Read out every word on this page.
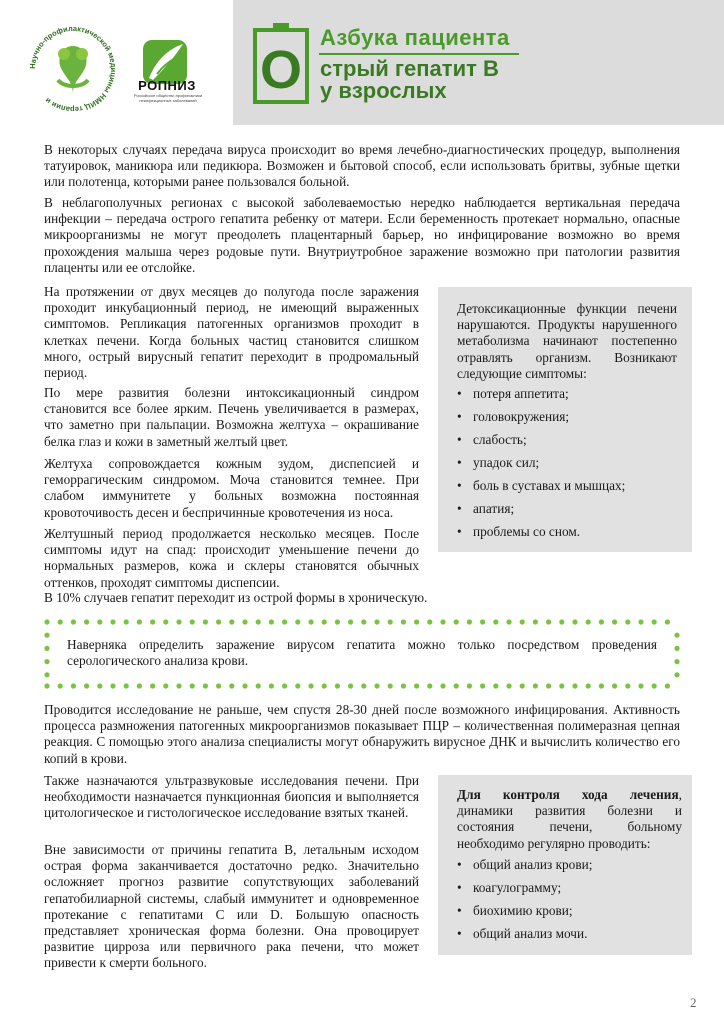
Научно-профилактической медицины НМИЦ терапии и
РОПНИЗ
Российское общество профилактики неинфекционных заболеваний
О
Азбука пациента
стрый гепатит В
у взрослых
В некоторых случаях передача вируса происходит во время лечебно-диагностических процедур, выполнения татуировок, маникюра или педикюра. Возможен и бытовой способ, если использовать бритвы, зубные щетки или полотенца, которыми ранее пользовался больной.
В неблагополучных регионах с высокой заболеваемостью нередко наблюдается вертикальная передача инфекции – передача острого гепатита ребенку от матери. Если беременность протекает нормально, опасные микроорганизмы не могут преодолеть плацентарный барьер, но инфицирование возможно во время прохождения малыша через родовые пути. Внутриутробное заражение возможно при патологии развития плаценты или ее отслойке.
На протяжении от двух месяцев до полугода после заражения проходит инкубационный период, не имеющий выраженных симптомов. Репликация патогенных организмов проходит в клетках печени. Когда больных частиц становится слишком много, острый вирусный гепатит переходит в продромальный период.
По мере развития болезни интоксикационный синдром становится все более ярким. Печень увеличивается в размерах, что заметно при пальпации. Возможна желтуха – окрашивание белка глаз и кожи в заметный желтый цвет.
Желтуха сопровождается кожным зудом, диспепсией и геморрагическим синдромом. Моча становится темнее. При слабом иммунитете у больных возможна постоянная кровоточивость десен и беспричинные кровотечения из носа.
Желтушный период продолжается несколько месяцев. После симптомы идут на спад: происходит уменьшение печени до нормальных размеров, кожа и склеры становятся обычных оттенков, проходят симптомы диспепсии.
В 10% случаев гепатит переходит из острой формы в хроническую.
Детоксикационные функции печени нарушаются. Продукты нарушенного метаболизма начинают постепенно отравлять организм. Возникают следующие симптомы:
• потеря аппетита;
• головокружения;
• слабость;
• упадок сил;
• боль в суставах и мышцах;
• апатия;
• проблемы со сном.
Наверняка определить заражение вирусом гепатита можно только посредством проведения серологического анализа крови.
Проводится исследование не раньше, чем спустя 28-30 дней после возможного инфицирования. Активность процесса размножения патогенных микроорганизмов показывает ПЦР – количественная полимеразная цепная реакция. С помощью этого анализа специалисты могут обнаружить вирусное ДНК и вычислить количество его копий в крови.
Также назначаются ультразвуковые исследования печени. При необходимости назначается пункционная биопсия и выполняется цитологическое и гистологическое исследование взятых тканей.
Вне зависимости от причины гепатита В, летальным исходом острая форма заканчивается достаточно редко. Значительно осложняет прогноз развитие сопутствующих заболеваний гепатобилиарной системы, слабый иммунитет и одновременное протекание с гепатитами С или D. Большую опасность представляет хроническая форма болезни. Она провоцирует развитие цирроза или первичного рака печени, что может привести к смерти больного.
Для контроля хода лечения, динамики развития болезни и состояния печени, больному необходимо регулярно проводить:
• общий анализ крови;
• коагулограмму;
• биохимию крови;
• общий анализ мочи.
2
